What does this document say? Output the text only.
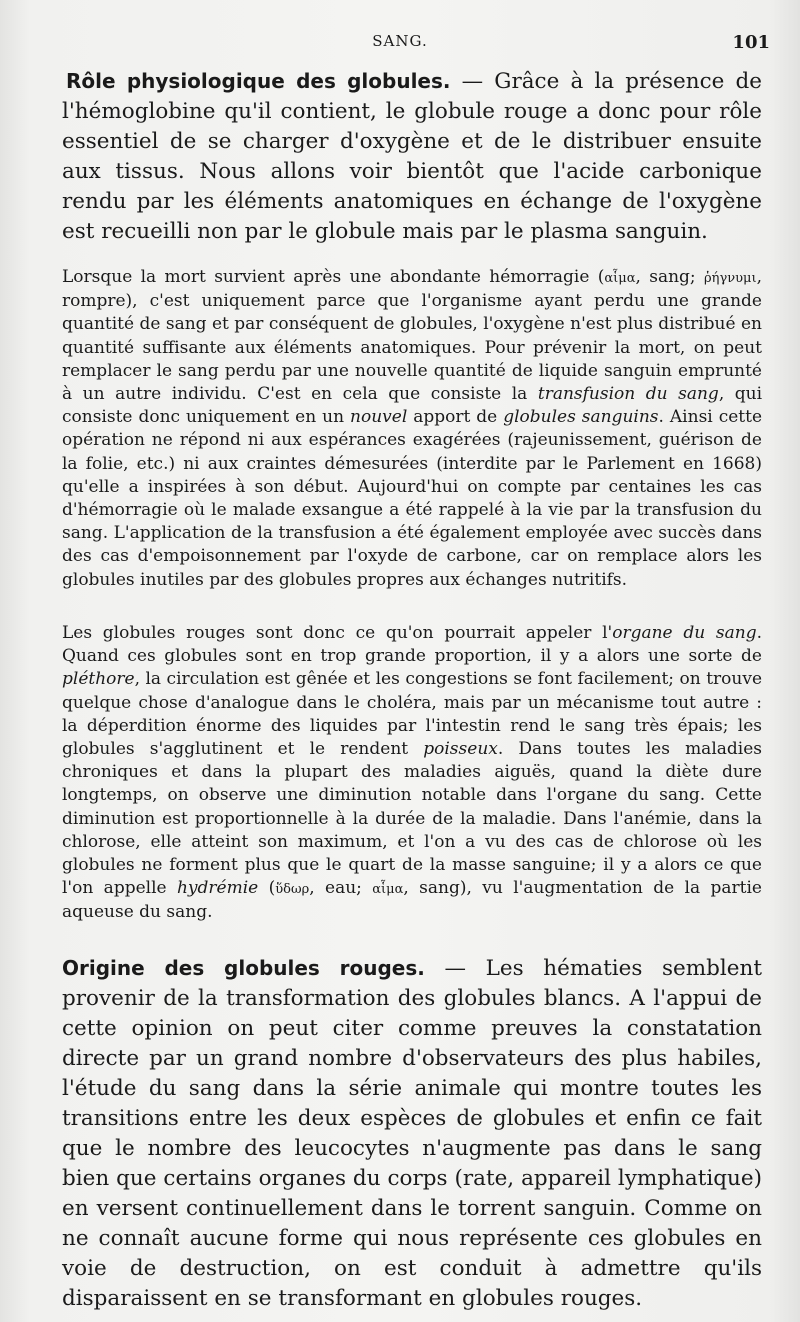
SANG.	101

Rôle physiologique des globules. — Grâce à la présence de l'hémoglobine qu'il contient, le globule rouge a donc pour rôle essentiel de se charger d'oxygène et de le distribuer ensuite aux tissus. Nous allons voir bientôt que l'acide carbonique rendu par les éléments anatomiques en échange de l'oxygène est recueilli non par le globule mais par le plasma sanguin.

Lorsque la mort survient après une abondante hémorragie (αἷμα, sang; ῥήγνυμι, rompre), c'est uniquement parce que l'organisme ayant perdu une grande quantité de sang et par conséquent de globules, l'oxygène n'est plus distribué en quantité suffisante aux éléments anatomiques. Pour prévenir la mort, on peut remplacer le sang perdu par une nouvelle quantité de liquide sanguin emprunté à un autre individu. C'est en cela que consiste la transfusion du sang, qui consiste donc uniquement en un nouvel apport de globules sanguins. Ainsi cette opération ne répond ni aux espérances exagérées (rajeunissement, guérison de la folie, etc.) ni aux craintes démesurées (interdite par le Parlement en 1668) qu'elle a inspirées à son début. Aujourd'hui on compte par centaines les cas d'hémorragie où le malade exsangue a été rappelé à la vie par la transfusion du sang. L'application de la transfusion a été également employée avec succès dans des cas d'empoisonnement par l'oxyde de carbone, car on remplace alors les globules inutiles par des globules propres aux échanges nutritifs.

Les globules rouges sont donc ce qu'on pourrait appeler l'organe du sang. Quand ces globules sont en trop grande proportion, il y a alors une sorte de pléthore, la circulation est gênée et les congestions se font facilement; on trouve quelque chose d'analogue dans le choléra, mais par un mécanisme tout autre : la déperdition énorme des liquides par l'intestin rend le sang très épais; les globules s'agglutinent et le rendent poisseux. Dans toutes les maladies chroniques et dans la plupart des maladies aiguës, quand la diète dure longtemps, on observe une diminution notable dans l'organe du sang. Cette diminution est proportionnelle à la durée de la maladie. Dans l'anémie, dans la chlorose, elle atteint son maximum, et l'on a vu des cas de chlorose où les globules ne forment plus que le quart de la masse sanguine; il y a alors ce que l'on appelle hydrémie (ὕδωρ, eau; αἷμα, sang), vu l'augmentation de la partie aqueuse du sang.

Origine des globules rouges. — Les hématies semblent provenir de la transformation des globules blancs. A l'appui de cette opinion on peut citer comme preuves la constatation directe par un grand nombre d'observateurs des plus habiles, l'étude du sang dans la série animale qui montre toutes les transitions entre les deux espèces de globules et enfin ce fait que le nombre des leucocytes n'augmente pas dans le sang bien que certains organes du corps (rate, appareil lymphatique) en versent continuellement dans le torrent sanguin. Comme on ne connaît aucune forme qui nous représente ces globules en voie de destruction, on est conduit à admettre qu'ils disparaissent en se transformant en globules rouges.
